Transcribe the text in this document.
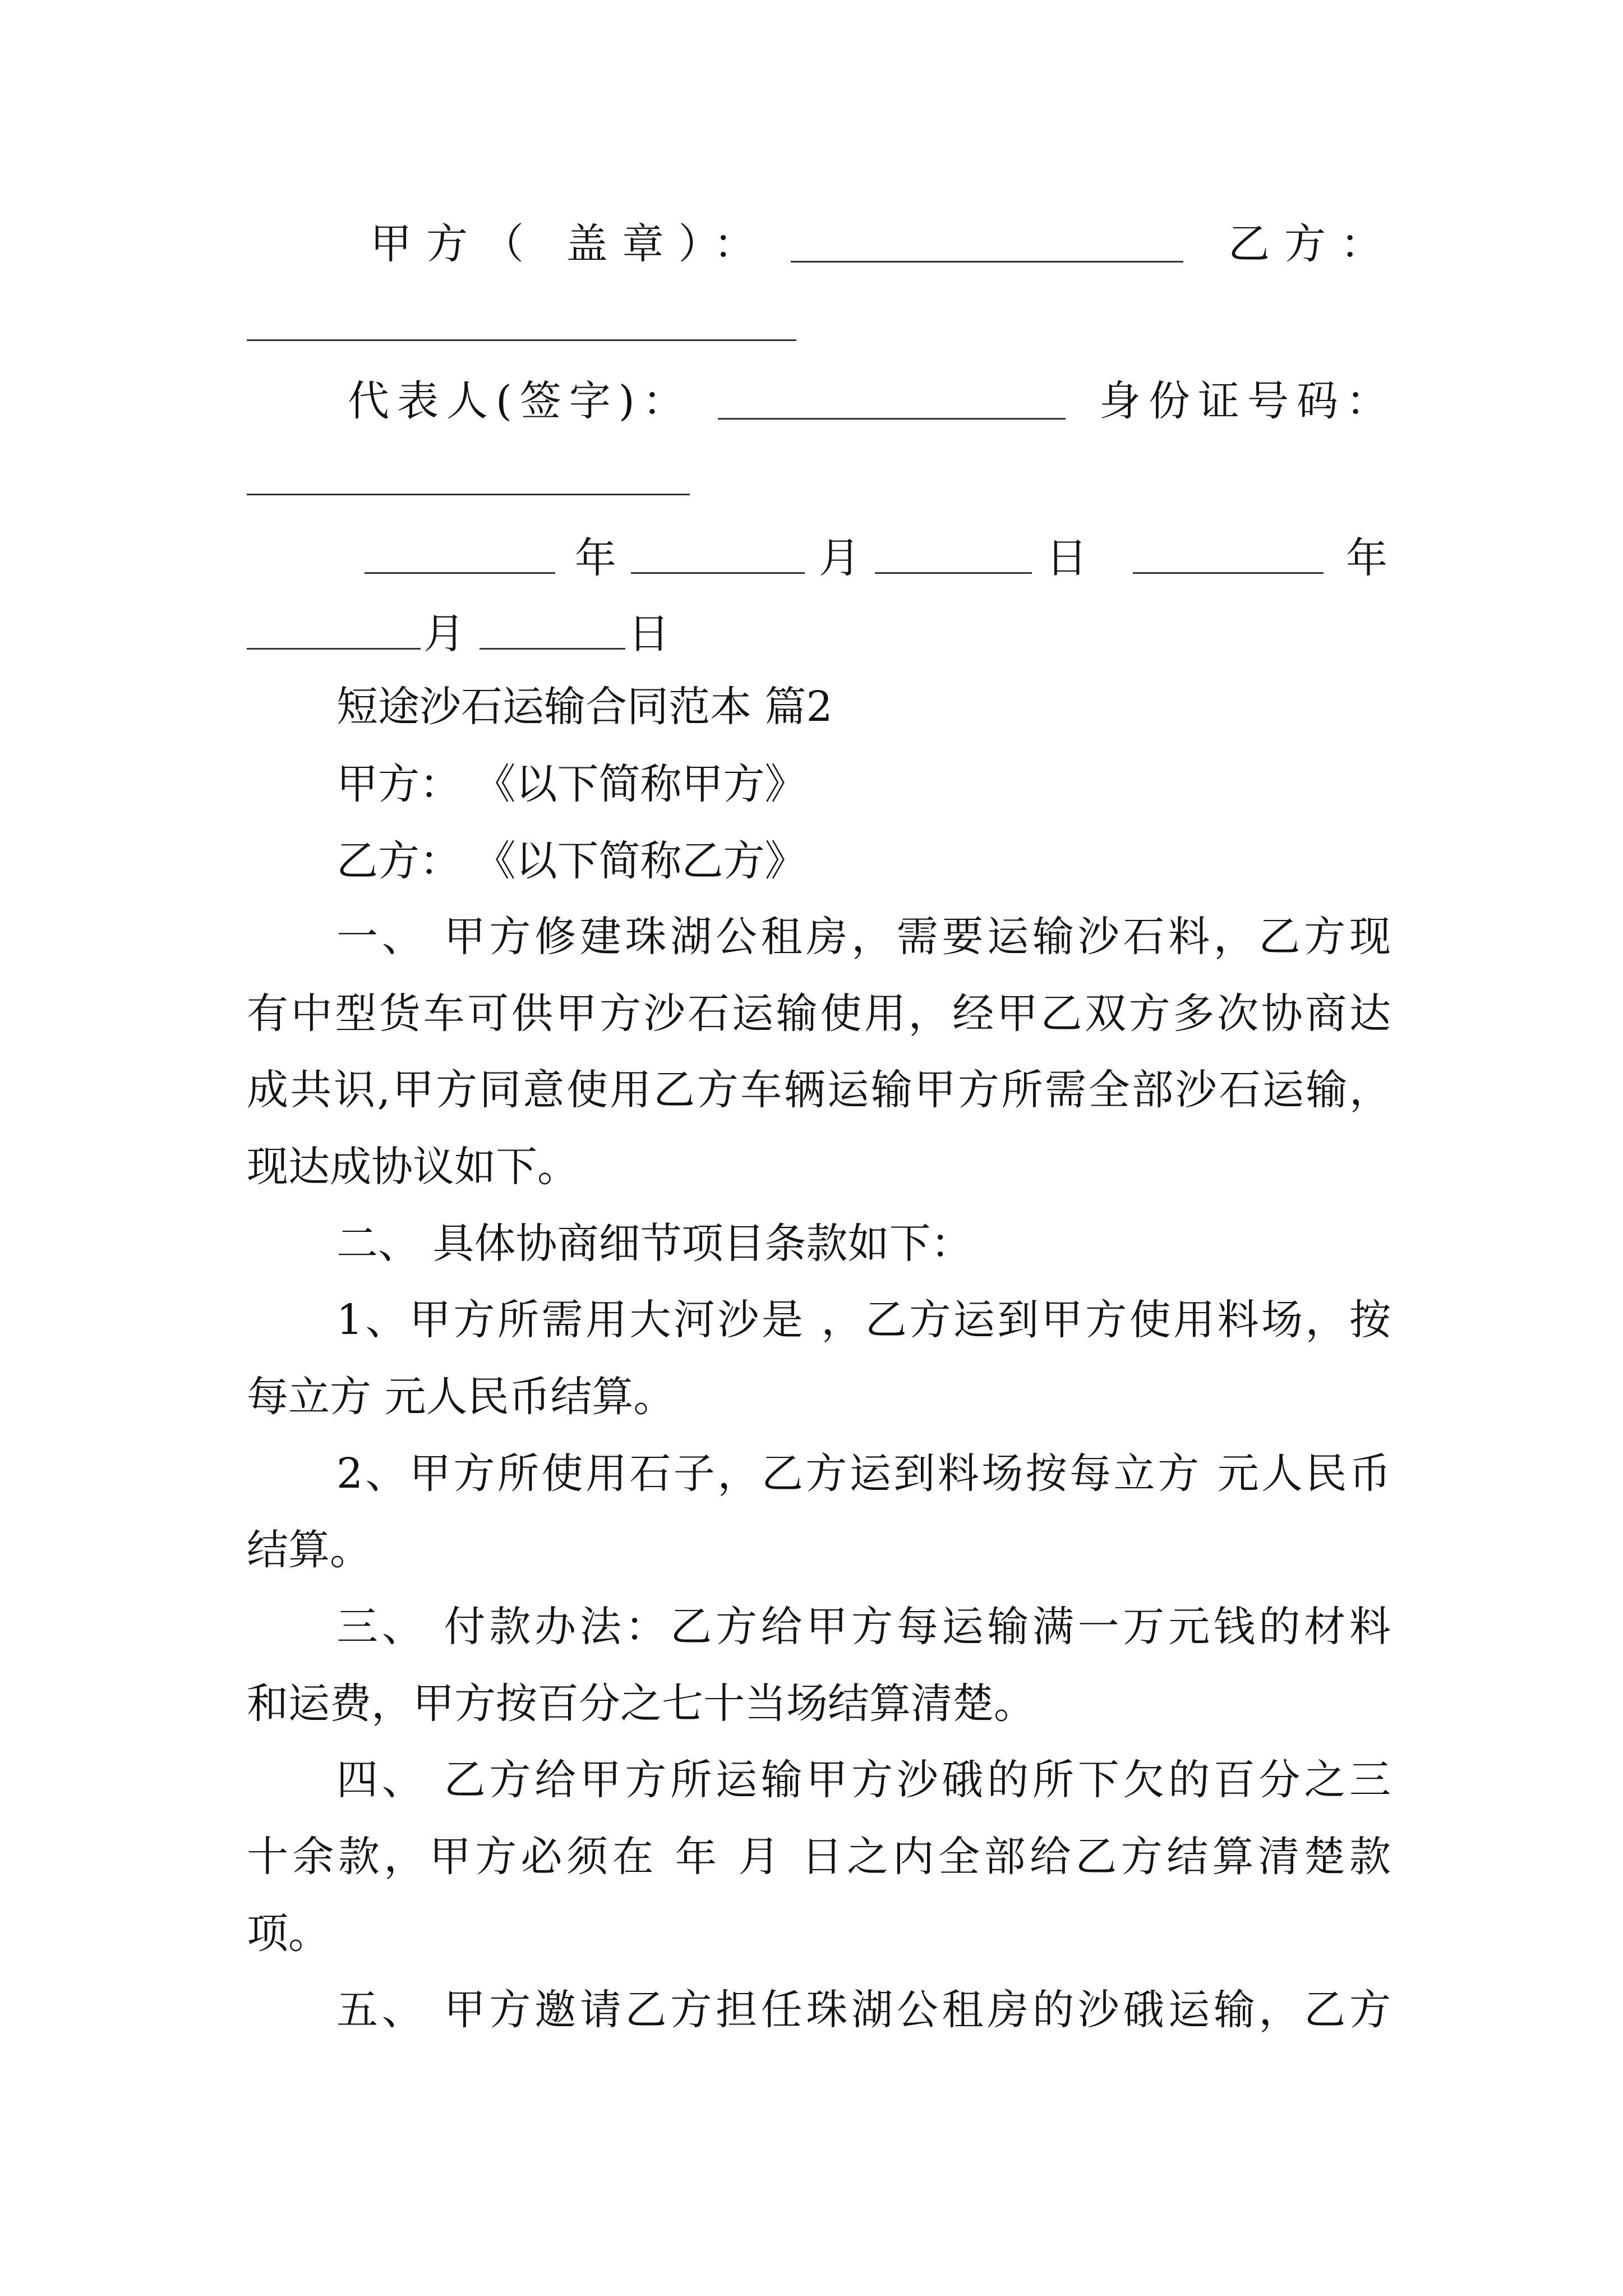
甲方（ 盖章）：	乙方：
代表人(签字)：	身份证号码：
年	月	日	年
月	日
短途沙石运输合同范本 篇2
甲方： 《以下简称甲方》
乙方： 《以下简称乙方》
一、 甲方修建珠湖公租房，需要运输沙石料，乙方现
有中型货车可供甲方沙石运输使用，经甲乙双方多次协商达
成共识,甲方同意使用乙方车辆运输甲方所需全部沙石运输，
现达成协议如下。
二、 具体协商细节项目条款如下：
1、甲方所需用大河沙是 ，乙方运到甲方使用料场，按
每立方 元人民币结算。
2、甲方所使用石子，乙方运到料场按每立方 元人民币
结算。
三、 付款办法：乙方给甲方每运输满一万元钱的材料
和运费，甲方按百分之七十当场结算清楚。
四、 乙方给甲方所运输甲方沙硪的所下欠的百分之三
十余款，甲方必须在 年 月 日之内全部给乙方结算清楚款
项。
五、 甲方邀请乙方担任珠湖公租房的沙硪运输，乙方
